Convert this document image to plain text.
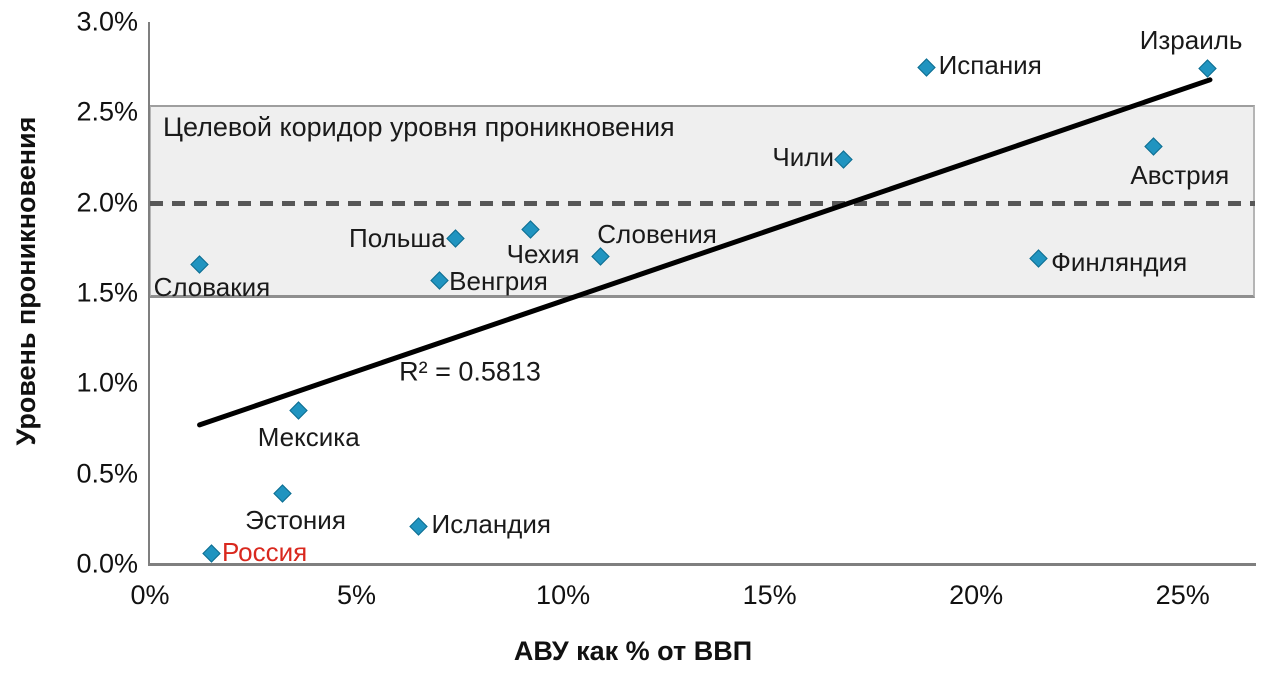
Уровень проникновения
АВУ как % от ВВП
Целевой коридор уровня проникновения
R² = 0.5813
Словакия
Россия
Эстония
Мексика
Исландия
Венгрия
Польша
Чехия
Словения
Чили
Испания
Финляндия
Австрия
Израиль
0.0%
0.5%
1.0%
1.5%
2.0%
2.5%
3.0%
0%	5%	10%	15%	20%	25%
